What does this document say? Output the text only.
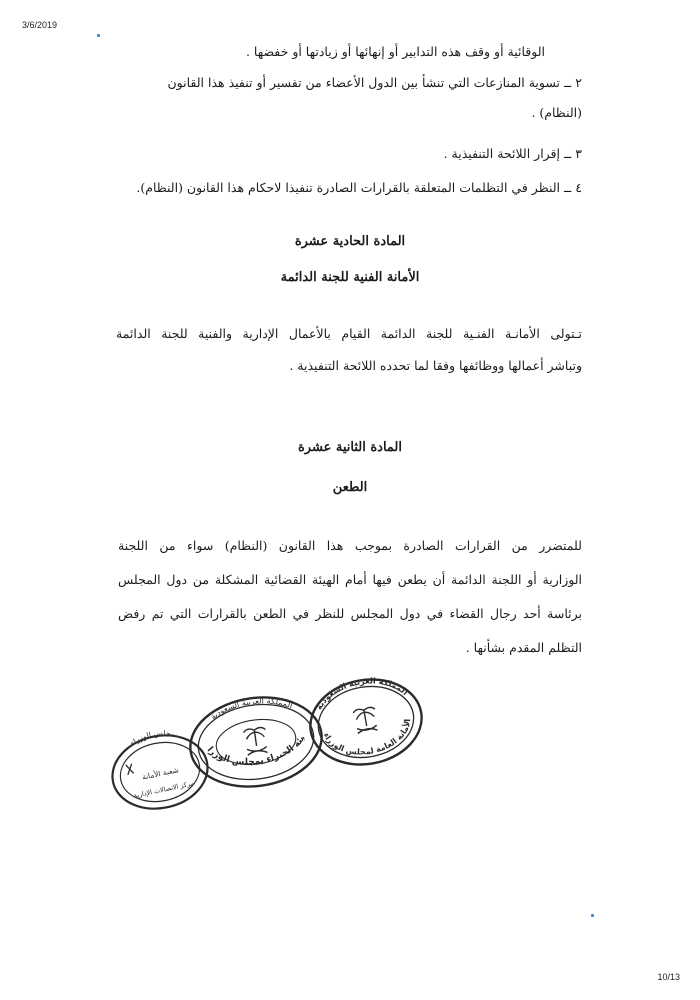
3/6/2019
الوقائية أو وقف هذه التدابير أو إنهائها أو زيادتها أو خفضها .
٢ ــ تسوية المنازعات التي تنشأ بين الدول الأعضاء من تفسير أو تنفيذ هذا القانون
(النظام) .
٣ ــ إقرار اللائحة التنفيذية .
٤ ــ النظر في التظلمات المتعلقة بالقرارات الصادرة تنفيذا لاحكام هذا القانون (النظام).
المادة الحادية عشرة
الأمانة الفنية للجنة الدائمة
تـتولى الأمانـة الفنـية للجنة الدائمة القيام بالأعمال الإدارية والفنية للجنة الدائمة
وتباشر أعمالها ووظائفها وفقا لما تحدده اللائحة التنفيذية .
المادة الثانية عشرة
الطعن
للمتضرر من القرارات الصادرة بموجب هذا القانون (النظام) سواء من اللجنة
الوزارية أو اللجنة الدائمة أن يطعن فيها أمام الهيئة القضائية المشكلة من دول المجلس
برئاسة أحد رجال القضاء في دول المجلس للنظر في الطعن بالقرارات التي تم رفض
التظلم المقدم بشأنها .
مجلس الوزراء
شعبة الأمانة
مركز الاتصالات الإدارية
المملكة العربية السعودية
هيئة الخبراء بمجلس الوزراء
المملكة العربية السعودية
الأمانة العامة لمجلس الوزراء
10/13
